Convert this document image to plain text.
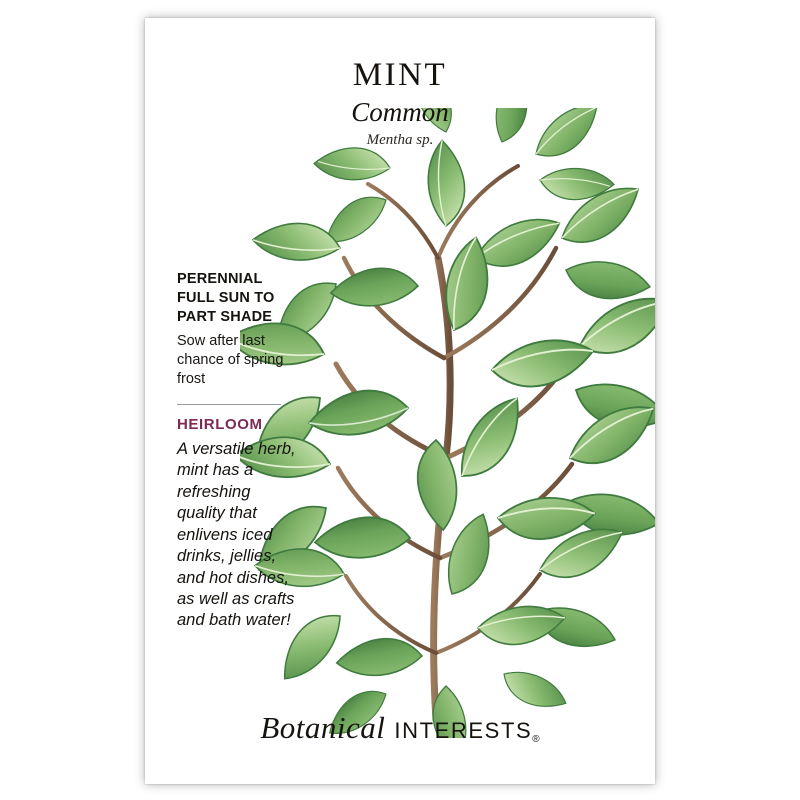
MINT
Common
Mentha sp.
PERENNIAL
FULL SUN TO PART SHADE
Sow after last chance of spring frost
HEIRLOOM
A versatile herb, mint has a refreshing quality that enlivens iced drinks, jellies, and hot dishes, as well as crafts and bath water!
Botanical $INTERESTS_®$
